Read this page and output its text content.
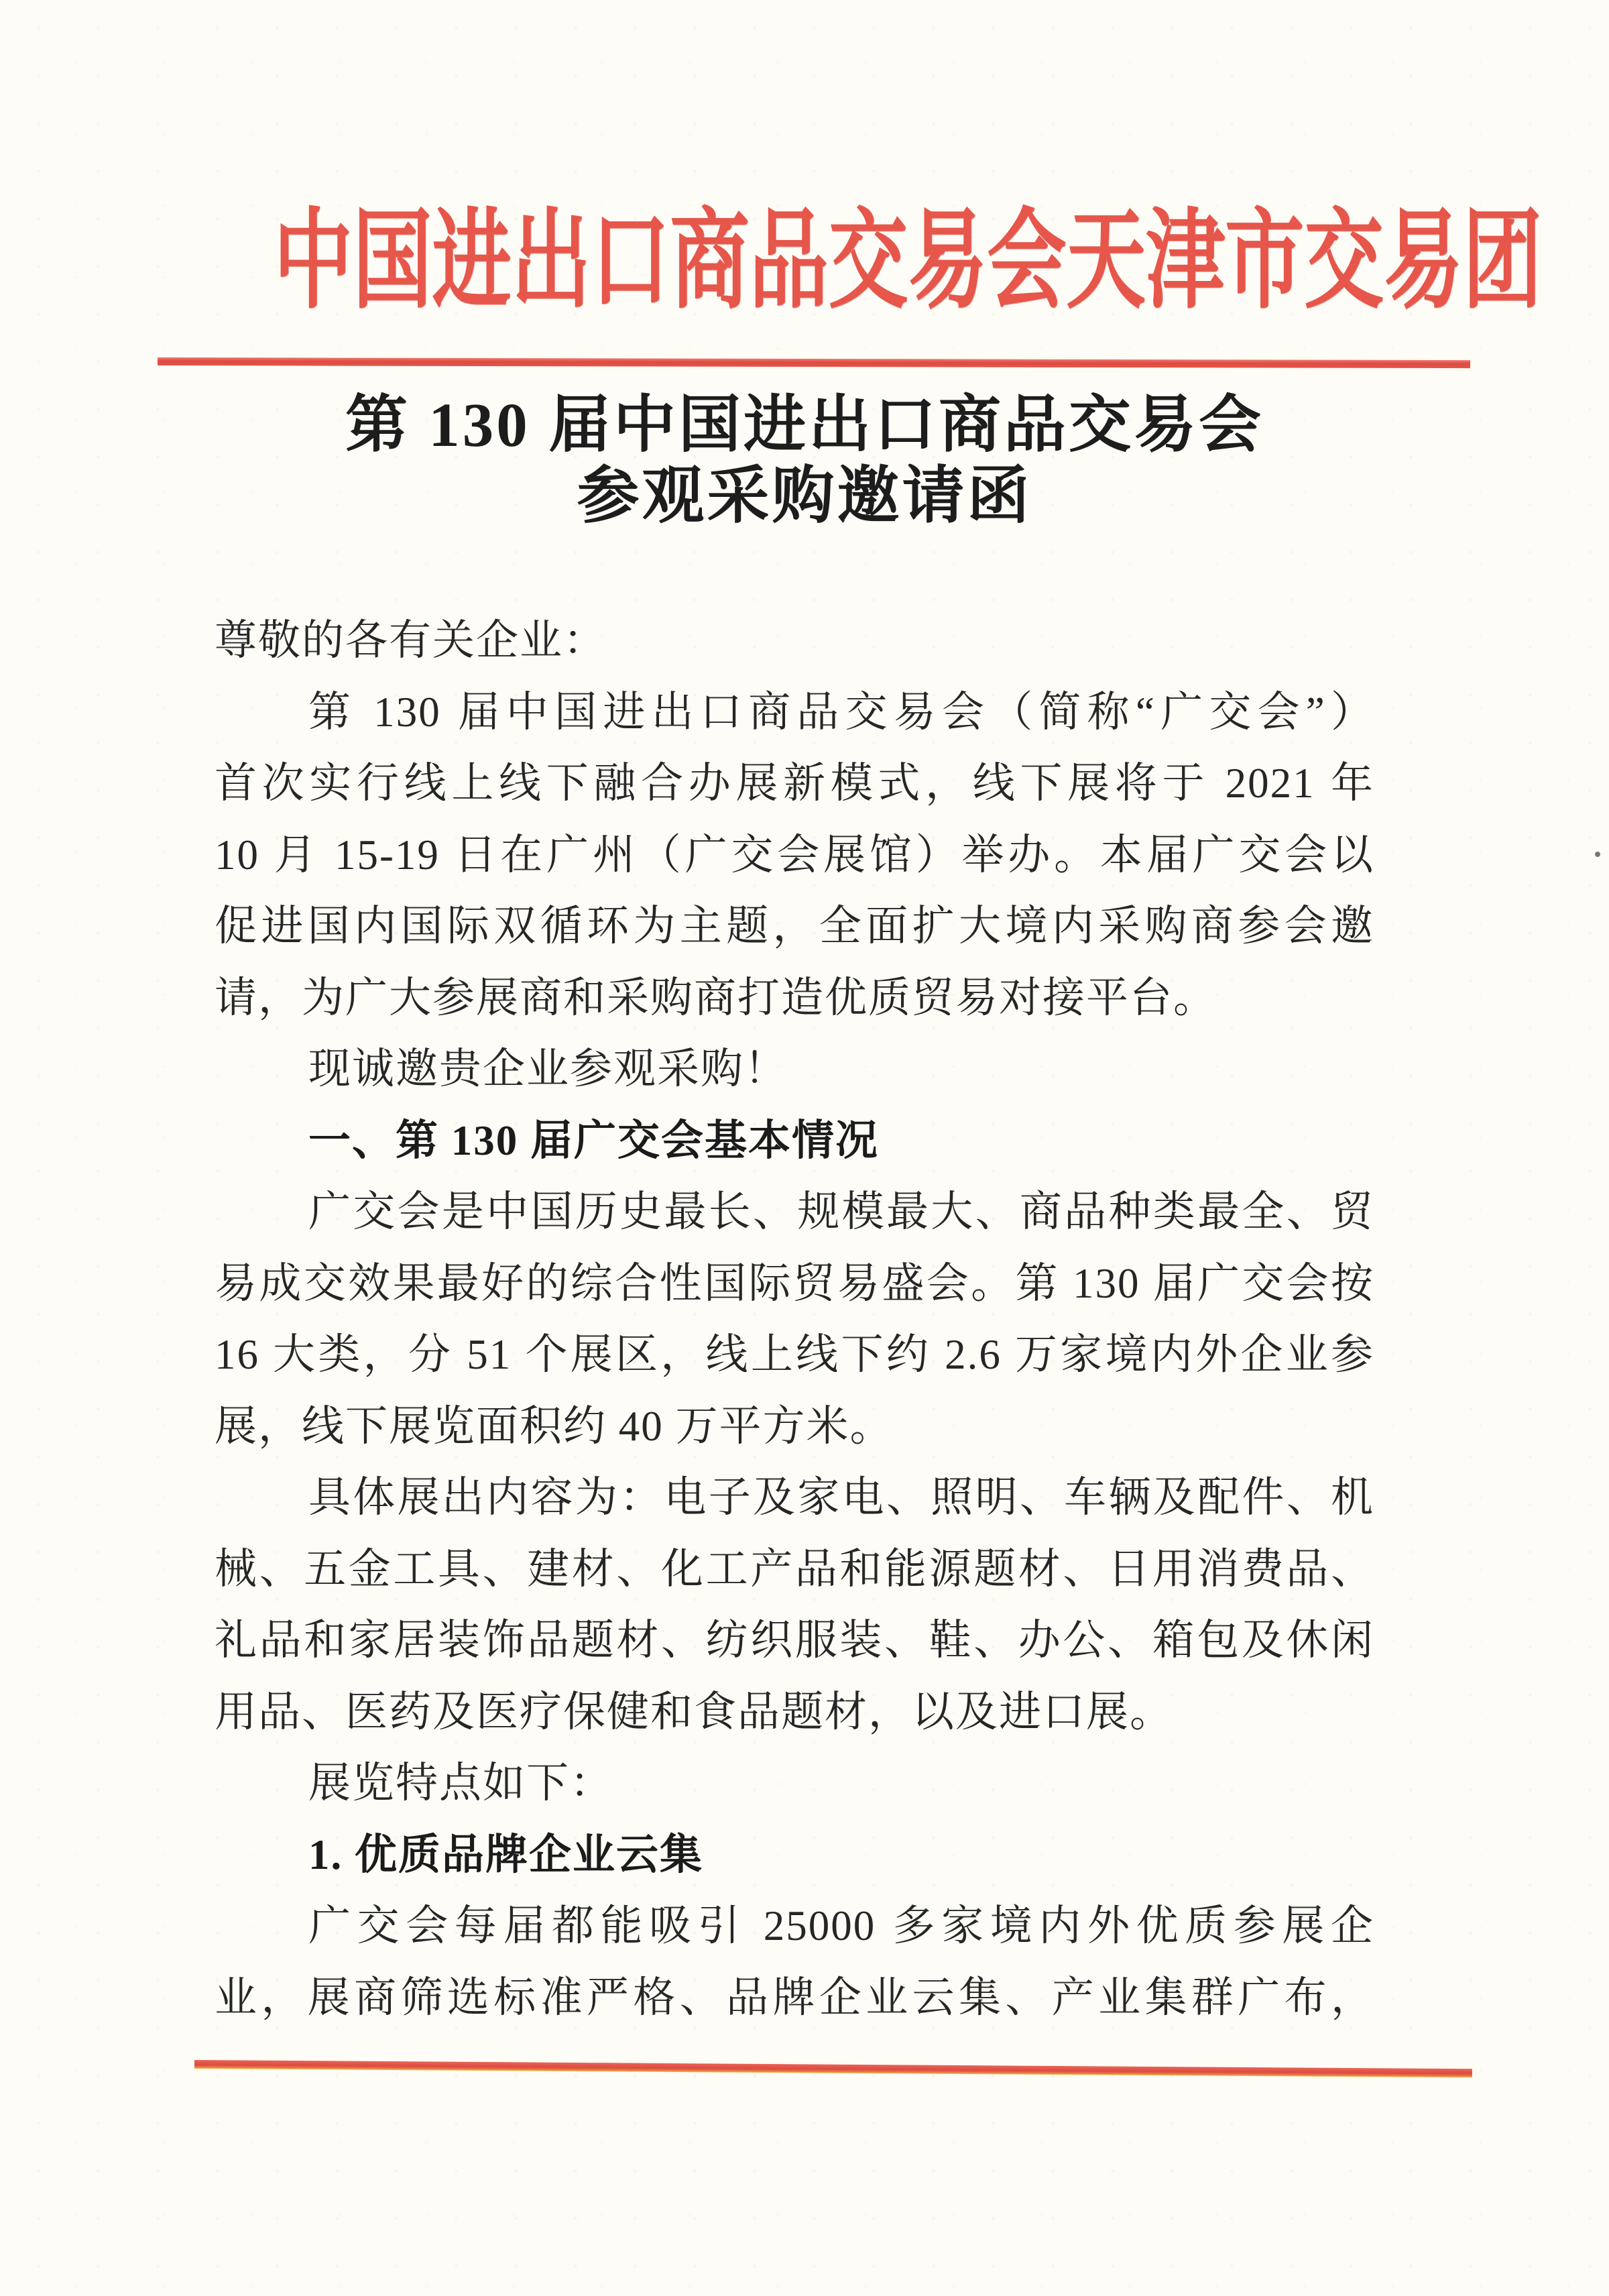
中国进出口商品交易会天津市交易团
第 130 届中国进出口商品交易会
参观采购邀请函
尊敬的各有关企业：
第 130 届中国进出口商品交易会（简称“广交会”）
首次实行线上线下融合办展新模式，线下展将于 2021 年
10 月 15-19 日在广州（广交会展馆）举办。本届广交会以
促进国内国际双循环为主题，全面扩大境内采购商参会邀
请，为广大参展商和采购商打造优质贸易对接平台。
现诚邀贵企业参观采购！
一、第 130 届广交会基本情况
广交会是中国历史最长、规模最大、商品种类最全、贸
易成交效果最好的综合性国际贸易盛会。第 130 届广交会按
16 大类，分 51 个展区，线上线下约 2.6 万家境内外企业参
展，线下展览面积约 40 万平方米。
具体展出内容为：电子及家电、照明、车辆及配件、机
械、五金工具、建材、化工产品和能源题材、日用消费品、
礼品和家居装饰品题材、纺织服装、鞋、办公、箱包及休闲
用品、医药及医疗保健和食品题材，以及进口展。
展览特点如下：
1. 优质品牌企业云集
广交会每届都能吸引 25000 多家境内外优质参展企
业，展商筛选标准严格、品牌企业云集、产业集群广布，
